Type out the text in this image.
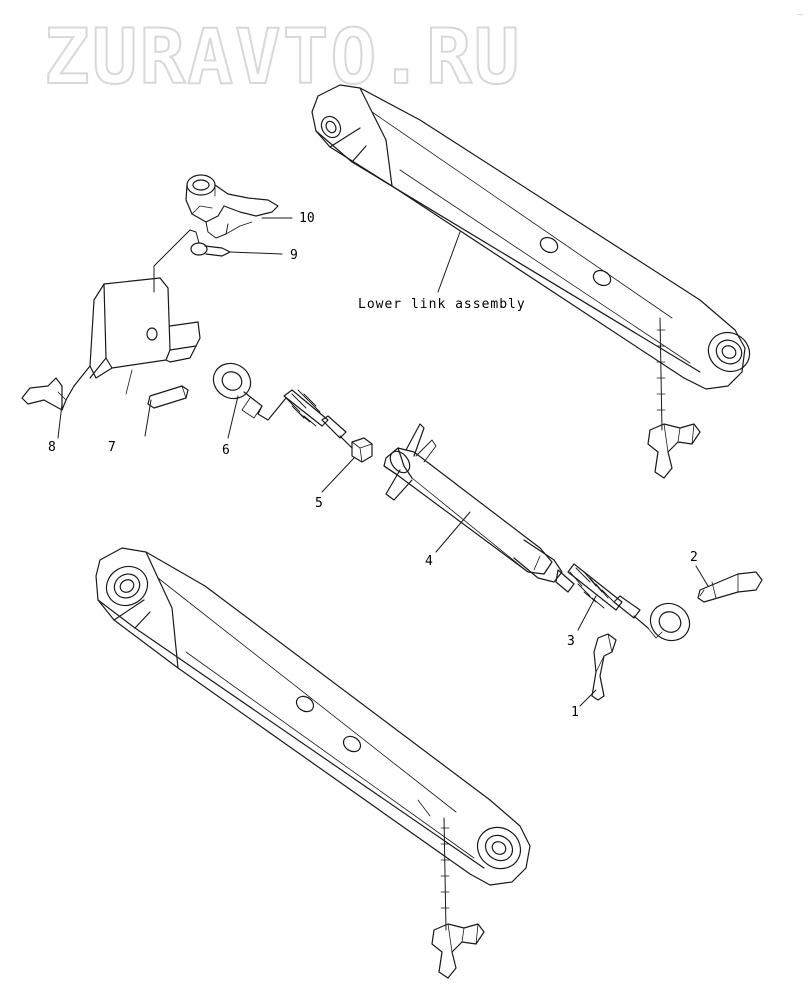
ZURAVTO.RU	~
Lower link assembly
10
9
8	7	6
5
4
3
2
1
